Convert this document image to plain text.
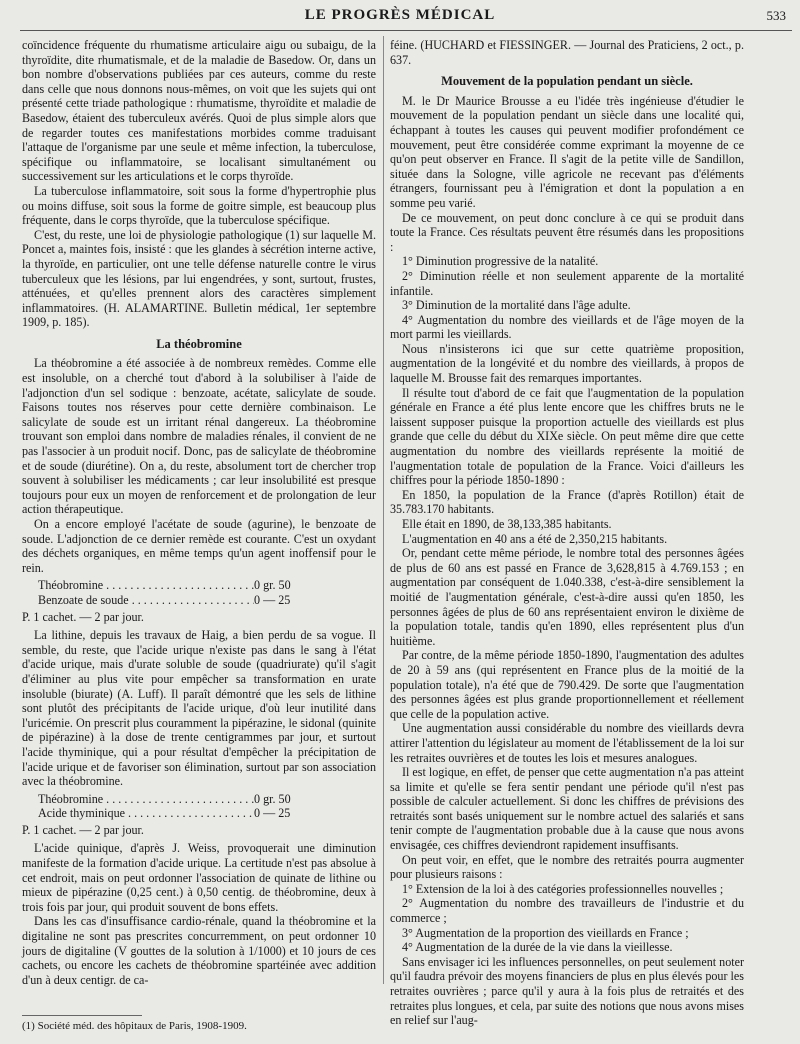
LE PROGRÈS MÉDICAL	533

coïncidence fréquente du rhumatisme articulaire aigu ou subaigu, de la thyroïdite, dite rhumatismale, et de la maladie de Basedow. Or, dans un bon nombre d'observations publiées par ces auteurs, comme du reste dans celle que nous donnons nous-mêmes, on voit que les sujets qui ont présenté cette triade pathologique : rhumatisme, thyroïdite et maladie de Basedow, étaient des tuberculeux avérés. Quoi de plus simple alors que de regarder toutes ces manifestations morbides comme traduisant l'attaque de l'organisme par une seule et même infection, la tuberculose, spécifique ou inflammatoire, se localisant simultanément ou successivement sur les articulations et le corps thyroïde.

La tuberculose inflammatoire, soit sous la forme d'hypertrophie plus ou moins diffuse, soit sous la forme de goitre simple, est beaucoup plus fréquente, dans le corps thyroïde, que la tuberculose spécifique.

C'est, du reste, une loi de physiologie pathologique (1) sur laquelle M. Poncet a, maintes fois, insisté : que les glandes à sécrétion interne active, la thyroïde, en particulier, ont une telle défense naturelle contre le virus tuberculeux que les lésions, par lui engendrées, y sont, surtout, frustes, atténuées, et qu'elles prennent alors des caractères simplement inflammatoires. (H. ALAMARTINE. Bulletin médical, 1er septembre 1909, p. 185).

La théobromine

La théobromine a été associée à de nombreux remèdes. Comme elle est insoluble, on a cherché tout d'abord à la solubiliser à l'aide de l'adjonction d'un sel sodique : benzoate, acétate, salicylate de soude. Faisons toutes nos réserves pour cette dernière combinaison. Le salicylate de soude est un irritant rénal dangereux. La théobromine trouvant son emploi dans nombre de maladies rénales, il convient de ne pas l'associer à un produit nocif. Donc, pas de salicylate de théobromine et de soude (diurétine). On a, du reste, absolument tort de chercher trop souvent à solubiliser les médicaments ; car leur insolubilité est presque toujours pour eux un moyen de renforcement et de prolongation de leur action thérapeutique.

On a encore employé l'acétate de soude (agurine), le benzoate de soude. L'adjonction de ce dernier remède est courante. C'est un oxydant des déchets organiques, en même temps qu'un agent inoffensif pour le rein.

Théobromine . . .	0 gr. 50
Benzoate de soude . . .	0 — 25

P. 1 cachet. — 2 par jour.

La lithine, depuis les travaux de Haig, a bien perdu de sa vogue. Il semble, du reste, que l'acide urique n'existe pas dans le sang à l'état d'acide urique, mais d'urate soluble de soude (quadriurate) qu'il s'agit d'éliminer au plus vite pour empêcher sa transformation en urate insoluble (biurate) (A. Luff). Il paraît démontré que les sels de lithine sont plutôt des précipitants de l'acide urique, d'où leur inutilité dans l'uricémie. On prescrit plus couramment la pipérazine, le sidonal (quinite de pipérazine) à la dose de trente centigrammes par jour, et surtout l'acide thyminique, qui a pour résultat d'empêcher la précipitation de l'acide urique et de favoriser son élimination, surtout par son association avec la théobromine.

Théobromine . . .	0 gr. 50
Acide thyminique . . .	0 — 25

P. 1 cachet. — 2 par jour.

L'acide quinique, d'après J. Weiss, provoquerait une diminution manifeste de la formation d'acide urique. La certitude n'est pas absolue à cet endroit, mais on peut ordonner l'association de quinate de lithine ou mieux de pipérazine (0,25 cent.) à 0,50 centig. de théobromine, deux à trois fois par jour, qui produit souvent de bons effets.

Dans les cas d'insuffisance cardio-rénale, quand la théobromine et la digitaline ne sont pas prescrites concurremment, on peut ordonner 10 jours de digitaline (V gouttes de la solution à 1/1000) et 10 jours de ces cachets, ou encore les cachets de théobromine spartéinée avec addition d'un à deux centigr. de ca-

(1) Société méd. des hôpitaux de Paris, 1908-1909.

féine. (HUCHARD et FIESSINGER. — Journal des Praticiens, 2 oct., p. 637.

Mouvement de la population pendant un siècle.

M. le Dr Maurice Brousse a eu l'idée très ingénieuse d'étudier le mouvement de la population pendant un siècle dans une localité qui, échappant à toutes les causes qui peuvent modifier profondément ce mouvement, peut être considérée comme exprimant la moyenne de ce qu'on peut observer en France. Il s'agit de la petite ville de Sandillon, située dans la Sologne, ville agricole ne recevant pas d'éléments étrangers, fournissant peu à l'émigration et dont la population a en somme peu varié.

De ce mouvement, on peut donc conclure à ce qui se produit dans toute la France. Ces résultats peuvent être résumés dans les propositions :

1° Diminution progressive de la natalité.

2° Diminution réelle et non seulement apparente de la mortalité infantile.

3° Diminution de la mortalité dans l'âge adulte.

4° Augmentation du nombre des vieillards et de l'âge moyen de la mort parmi les vieillards.

Nous n'insisterons ici que sur cette quatrième proposition, augmentation de la longévité et du nombre des vieillards, à propos de laquelle M. Brousse fait des remarques importantes.

Il résulte tout d'abord de ce fait que l'augmentation de la population générale en France a été plus lente encore que les chiffres bruts ne le laissent supposer puisque la proportion actuelle des vieillards est plus grande que celle du début du XIXe siècle. On peut même dire que cette augmentation du nombre des vieillards représente la moitié de l'augmentation totale de population de la France. Voici d'ailleurs les chiffres pour la période 1850-1890 :

En 1850, la population de la France (d'après Rotillon) était de 35.783.170 habitants.

Elle était en 1890, de 38,133,385 habitants.

L'augmentation en 40 ans a été de 2,350,215 habitants.

Or, pendant cette même période, le nombre total des personnes âgées de plus de 60 ans est passé en France de 3,628,815 à 4.769.153 ; en augmentation par conséquent de 1.040.338, c'est-à-dire sensiblement la moitié de l'augmentation générale, c'est-à-dire aussi qu'en 1850, les personnes âgées de plus de 60 ans représentaient environ le dixième de la population totale, tandis qu'en 1890, elles représentent plus d'un huitième.

Par contre, de la même période 1850-1890, l'augmentation des adultes de 20 à 59 ans (qui représentent en France plus de la moitié de la population totale), n'a été que de 790.429. De sorte que l'augmentation des personnes âgées est plus grande proportionnellement et réellement que celle de la population active.

Une augmentation aussi considérable du nombre des vieillards devra attirer l'attention du législateur au moment de l'établissement de la loi sur les retraites ouvrières et de toutes les lois et mesures analogues.

Il est logique, en effet, de penser que cette augmentation n'a pas atteint sa limite et qu'elle se fera sentir pendant une période qu'il n'est pas possible de calculer actuellement. Si donc les chiffres de prévisions des retraités sont basés uniquement sur le nombre actuel des salariés et sans tenir compte de l'augmentation probable due à la cause que nous avons envisagée, ces chiffres deviendront rapidement insuffisants.

On peut voir, en effet, que le nombre des retraités pourra augmenter pour plusieurs raisons :

1° Extension de la loi à des catégories professionnelles nouvelles ;

2° Augmentation du nombre des travailleurs de l'industrie et du commerce ;

3° Augmentation de la proportion des vieillards en France ;

4° Augmentation de la durée de la vie dans la vieillesse.

Sans envisager ici les influences personnelles, on peut seulement noter qu'il faudra prévoir des moyens financiers de plus en plus élevés pour les retraites ouvrières ; parce qu'il y aura à la fois plus de retraités et des retraites plus longues, et cela, par suite des notions que nous avons mises en relief sur l'aug-
